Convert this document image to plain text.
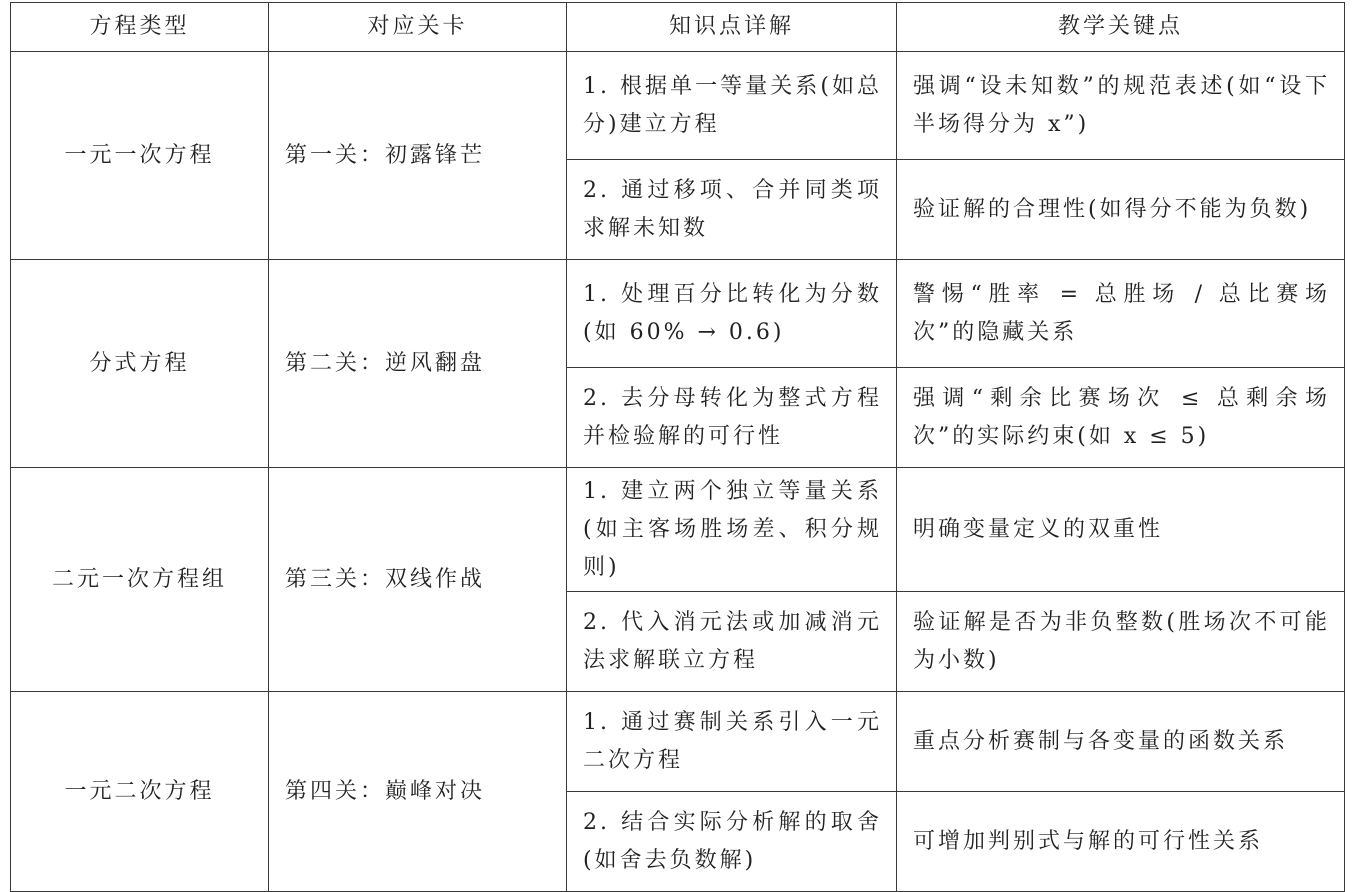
方程类型	对应关卡	知识点详解	教学关键点
一元一次方程	第一关：初露锋芒	1. 根据单一等量关系(如总分)建立方程	强调“设未知数”的规范表述(如“设下半场得分为 x”)
		2. 通过移项、合并同类项求解未知数	验证解的合理性(如得分不能为负数)
分式方程	第二关：逆风翻盘	1. 处理百分比转化为分数(如 60% → 0.6)	警惕“胜率 = 总胜场 / 总比赛场次”的隐藏关系
		2. 去分母转化为整式方程并检验解的可行性	强调“剩余比赛场次 ≤ 总剩余场次”的实际约束(如 x ≤ 5)
二元一次方程组	第三关：双线作战	1. 建立两个独立等量关系(如主客场胜场差、积分规则)	明确变量定义的双重性
		2. 代入消元法或加减消元法求解联立方程	验证解是否为非负整数(胜场次不可能为小数)
一元二次方程	第四关：巅峰对决	1. 通过赛制关系引入一元二次方程	重点分析赛制与各变量的函数关系
		2. 结合实际分析解的取舍(如舍去负数解)	可增加判别式与解的可行性关系
